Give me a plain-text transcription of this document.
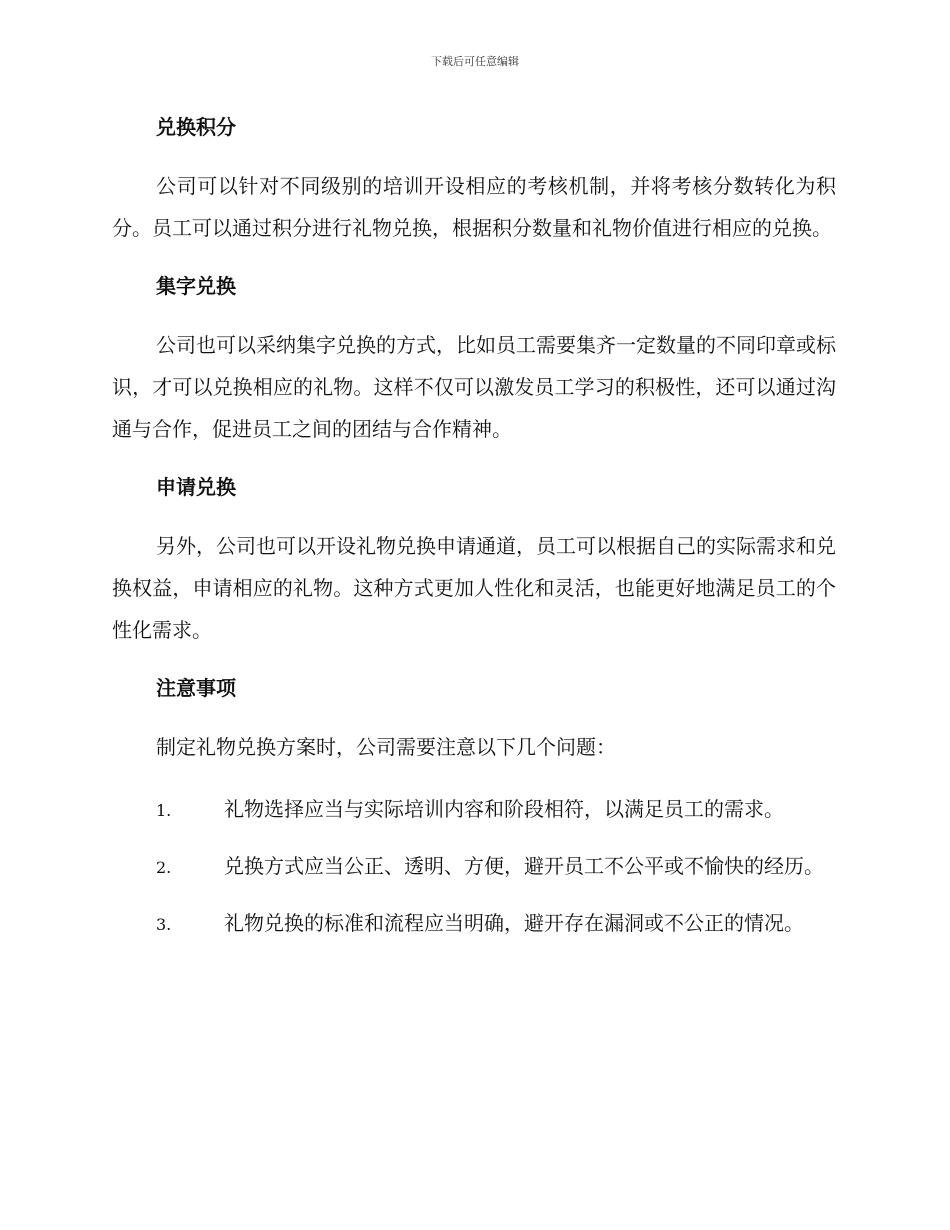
下载后可任意编辑
兑换积分

公司可以针对不同级别的培训开设相应的考核机制，并将考核分数转化为积分。员工可以通过积分进行礼物兑换，根据积分数量和礼物价值进行相应的兑换。

集字兑换

公司也可以采纳集字兑换的方式，比如员工需要集齐一定数量的不同印章或标识，才可以兑换相应的礼物。这样不仅可以激发员工学习的积极性，还可以通过沟通与合作，促进员工之间的团结与合作精神。

申请兑换

另外，公司也可以开设礼物兑换申请通道，员工可以根据自己的实际需求和兑换权益，申请相应的礼物。这种方式更加人性化和灵活，也能更好地满足员工的个性化需求。

注意事项

制定礼物兑换方案时，公司需要注意以下几个问题：

1.	礼物选择应当与实际培训内容和阶段相符，以满足员工的需求。

2.	兑换方式应当公正、透明、方便，避开员工不公平或不愉快的经历。

3.	礼物兑换的标准和流程应当明确，避开存在漏洞或不公正的情况。
